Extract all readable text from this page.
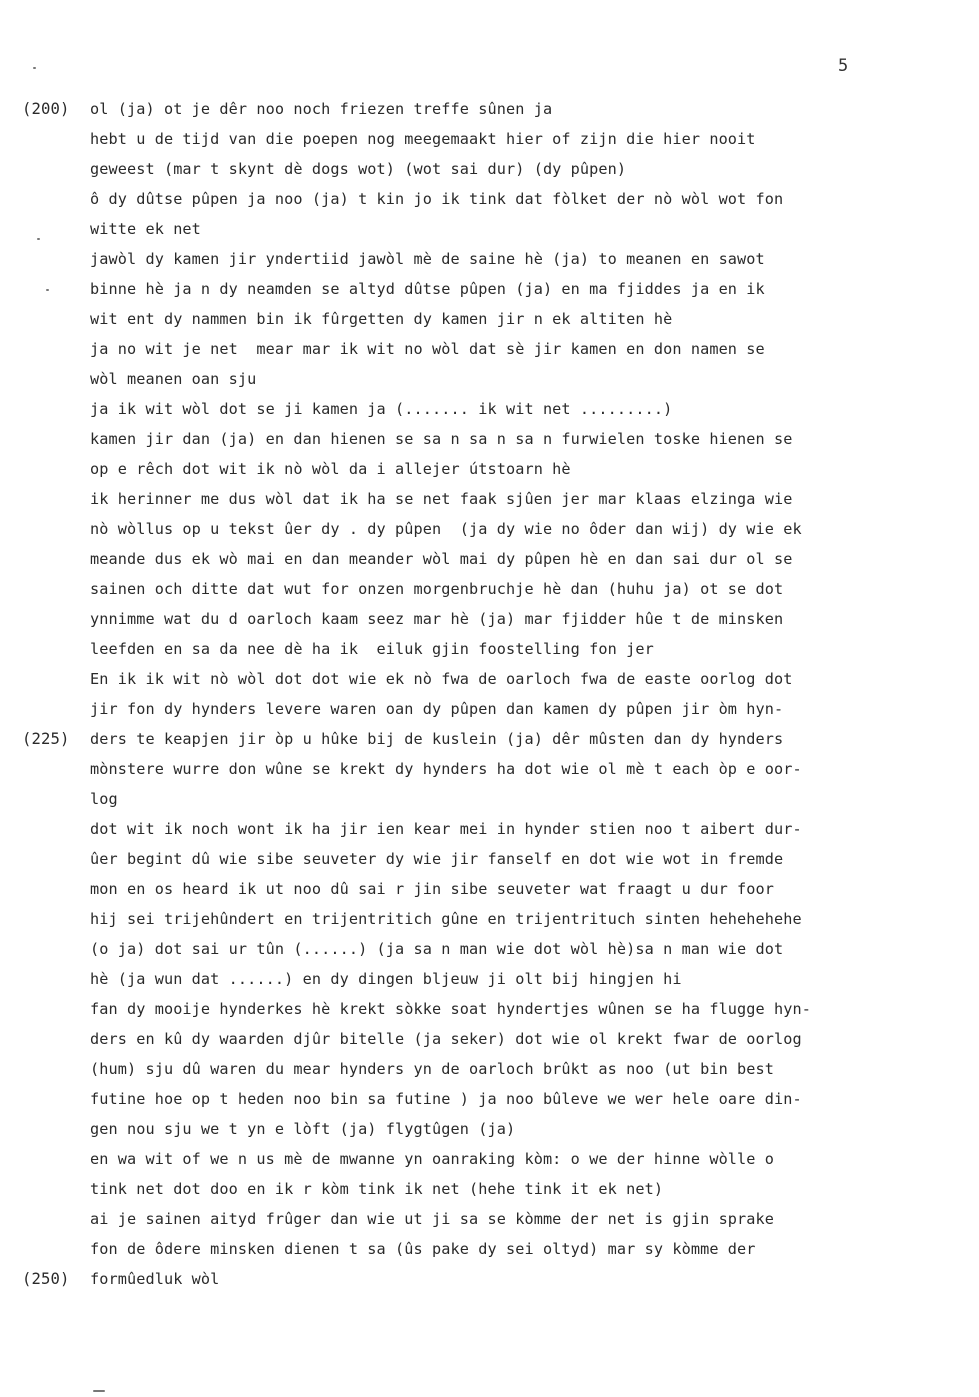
5
(200) ol (ja) ot je dêr noo noch friezen treffe sûnen ja
hebt u de tijd van die poepen nog meegemaakt hier of zijn die hier nooit
geweest (mar t skynt dè dogs wot) (wot sai dur) (dy pûpen)
ô dy dûtse pûpen ja noo (ja) t kin jo ik tink dat fòlket der nò wòl wot fon
witte ek net
jawòl dy kamen jir yndertiid jawòl mè de saine hè (ja) to meanen en sawot
binne hè ja n dy neamden se altyd dûtse pûpen (ja) en ma fjiddes ja en ik
wit ent dy nammen bin ik fûrgetten dy kamen jir n ek altiten hè
ja no wit je net  mear mar ik wit no wòl dat sè jir kamen en don namen se
wòl meanen oan sju
ja ik wit wòl dot se ji kamen ja (....... ik wit net .........)
kamen jir dan (ja) en dan hienen se sa n sa n sa n furwielen toske hienen se
op e rêch dot wit ik nò wòl da i allejer útstoarn hè
ik herinner me dus wòl dat ik ha se net faak sjûen jer mar klaas elzinga wie
nò wòllus op u tekst ûer dy . dy pûpen  (ja dy wie no ôder dan wij) dy wie ek
meande dus ek wò mai en dan meander wòl mai dy pûpen hè en dan sai dur ol se
sainen och ditte dat wut for onzen morgenbruchje hè dan (huhu ja) ot se dot
ynnimme wat du d oarloch kaam seez mar hè (ja) mar fjidder hûe t de minsken
leefden en sa da nee dè ha ik  eiluk gjin foostelling fon jer
En ik ik wit nò wòl dot dot wie ek nò fwa de oarloch fwa de easte oorlog dot
jir fon dy hynders levere waren oan dy pûpen dan kamen dy pûpen jir òm hyn-
(225) ders te keapjen jir òp u hûke bij de kuslein (ja) dêr mûsten dan dy hynders
mònstere wurre don wûne se krekt dy hynders ha dot wie ol mè t each òp e oor-
log
dot wit ik noch wont ik ha jir ien kear mei in hynder stien noo t aibert dur-
ûer begint dû wie sibe seuveter dy wie jir fanself en dot wie wot in fremde
mon en os heard ik ut noo dû sai r jin sibe seuveter wat fraagt u dur foor
hij sei trijehûndert en trijentritich gûne en trijentrituch sinten hehehehehe
(o ja) dot sai ur tûn (......) (ja sa n man wie dot wòl hè)sa n man wie dot
hè (ja wun dat ......) en dy dingen bljeuw ji olt bij hingjen hi
fan dy mooije hynderkes hè krekt sòkke soat hyndertjes wûnen se ha flugge hyn-
ders en kû dy waarden djûr bitelle (ja seker) dot wie ol krekt fwar de oorlog
(hum) sju dû waren du mear hynders yn de oarloch brûkt as noo (ut bin best
futine hoe op t heden noo bin sa futine ) ja noo bûleve we wer hele oare din-
gen nou sju we t yn e lòft (ja) flygtûgen (ja)
en wa wit of we n us mè de mwanne yn oanraking kòm: o we der hinne wòlle o
tink net dot doo en ik r kòm tink ik net (hehe tink it ek net)
ai je sainen aityd frûger dan wie ut ji sa se kòmme der net is gjin sprake
fon de ôdere minsken dienen t sa (ûs pake dy sei oltyd) mar sy kòmme der
(250) formûedluk wòl
